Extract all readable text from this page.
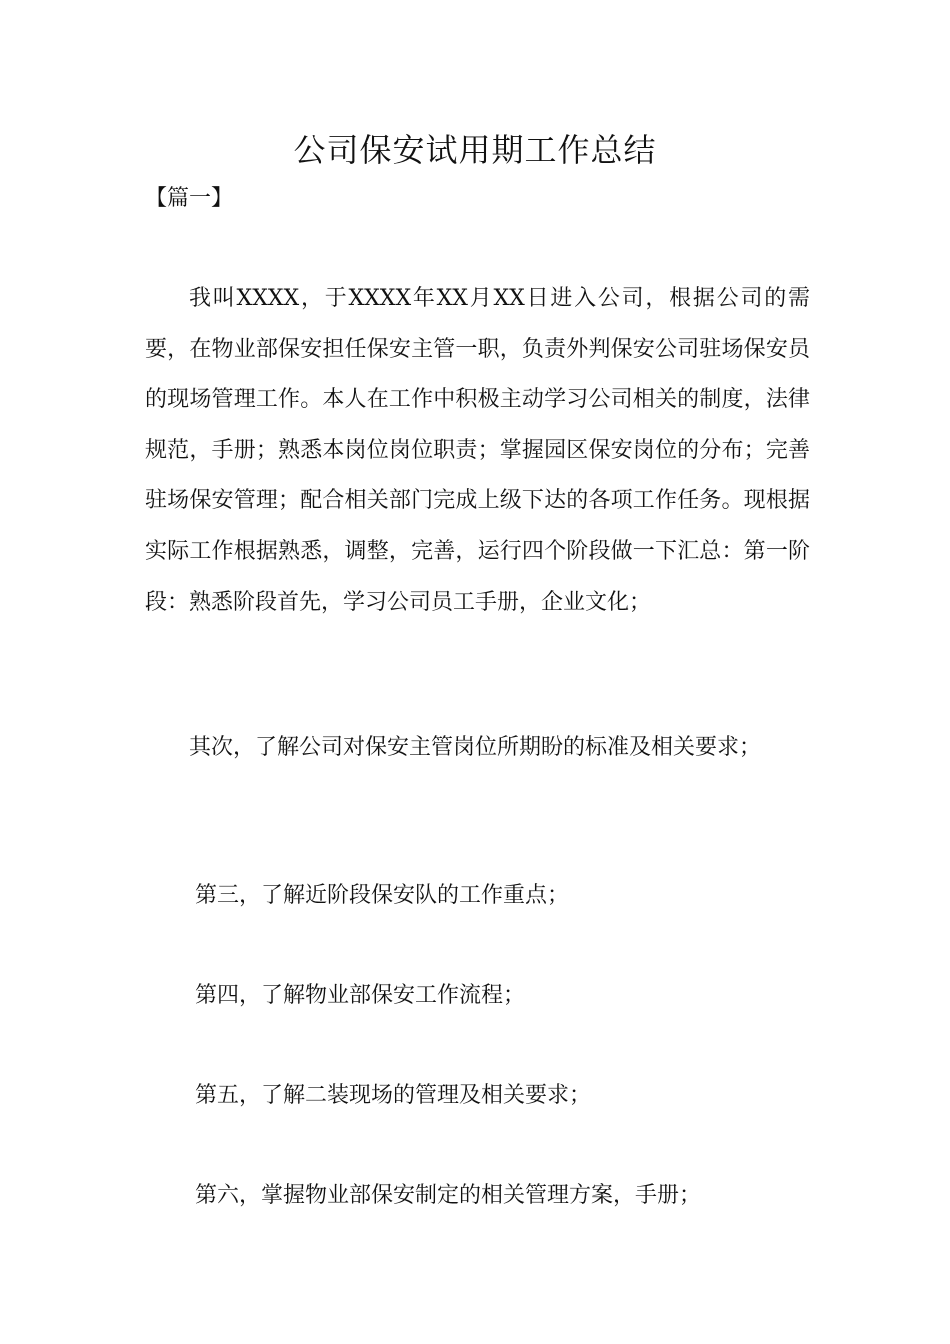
公司保安试用期工作总结
【篇一】

我叫XXXX，于XXXX年XX月XX日进入公司，根据公司的需要，在物业部保安担任保安主管一职，负责外判保安公司驻场保安员的现场管理工作。本人在工作中积极主动学习公司相关的制度，法律规范，手册；熟悉本岗位岗位职责；掌握园区保安岗位的分布；完善驻场保安管理；配合相关部门完成上级下达的各项工作任务。现根据实际工作根据熟悉，调整，完善，运行四个阶段做一下汇总：第一阶段：熟悉阶段首先，学习公司员工手册，企业文化；

其次，了解公司对保安主管岗位所期盼的标准及相关要求；

第三，了解近阶段保安队的工作重点；

第四，了解物业部保安工作流程；

第五，了解二装现场的管理及相关要求；

第六，掌握物业部保安制定的相关管理方案，手册；
